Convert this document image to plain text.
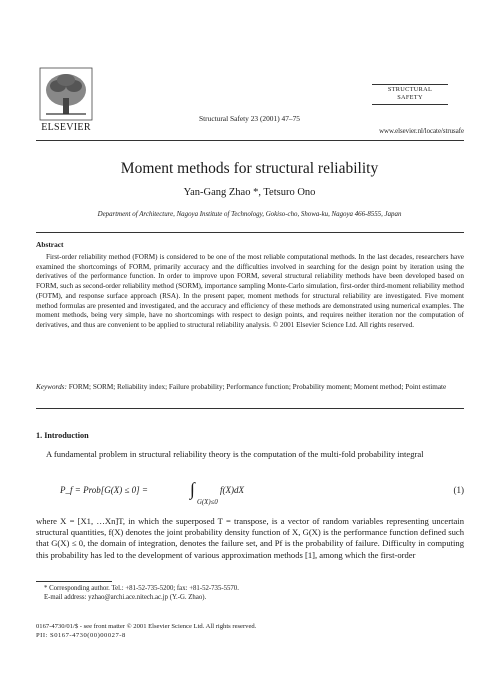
ELSEVIER
Structural Safety 23 (2001) 47–75
STRUCTURAL
SAFETY
www.elsevier.nl/locate/strusafe
Moment methods for structural reliability
Yan-Gang Zhao *, Tetsuro Ono
Department of Architecture, Nagoya Institute of Technology, Gokiso-cho, Showa-ku, Nagoya 466-8555, Japan
Abstract
First-order reliability method (FORM) is considered to be one of the most reliable computational methods. In the last decades, researchers have examined the shortcomings of FORM, primarily accuracy and the difficulties involved in searching for the design point by iteration using the derivatives of the performance function. In order to improve upon FORM, several structural reliability methods have been developed based on FORM, such as second-order reliability method (SORM), importance sampling Monte-Carlo simulation, first-order third-moment reliability method (FOTM), and response surface approach (RSA). In the present paper, moment methods for structural reliability are investigated. Five moment method formulas are presented and investigated, and the accuracy and efficiency of these methods are demonstrated using numerical examples. The moment methods, being very simple, have no shortcomings with respect to design points, and requires neither iteration nor the computation of derivatives, and thus are convenient to be applied to structural reliability analysis. © 2001 Elsevier Science Ltd. All rights reserved.
Keywords: FORM; SORM; Reliability index; Failure probability; Performance function; Probability moment; Moment method; Point estimate
1. Introduction
A fundamental problem in structural reliability theory is the computation of the multi-fold probability integral
P_f = Prob[G(X) ≤ 0] = ∫
G(X)≤0
f(X)dX	(1)
where X = [X1, …Xn]T, in which the superposed T = transpose, is a vector of random variables representing uncertain structural quantities, f(X) denotes the joint probability density function of X, G(X) is the performance function defined such that G(X) ≤ 0, the domain of integration, denotes the failure set, and Pf is the probability of failure. Difficulty in computing this probability has led to the development of various approximation methods [1], among which the first-order
* Corresponding author. Tel.: +81-52-735-5200; fax: +81-52-735-5570.
E-mail address: yzhao@archi.ace.nitech.ac.jp (Y.-G. Zhao).
0167-4730/01/$ - see front matter © 2001 Elsevier Science Ltd. All rights reserved.
PII: S0167-4730(00)00027-8
